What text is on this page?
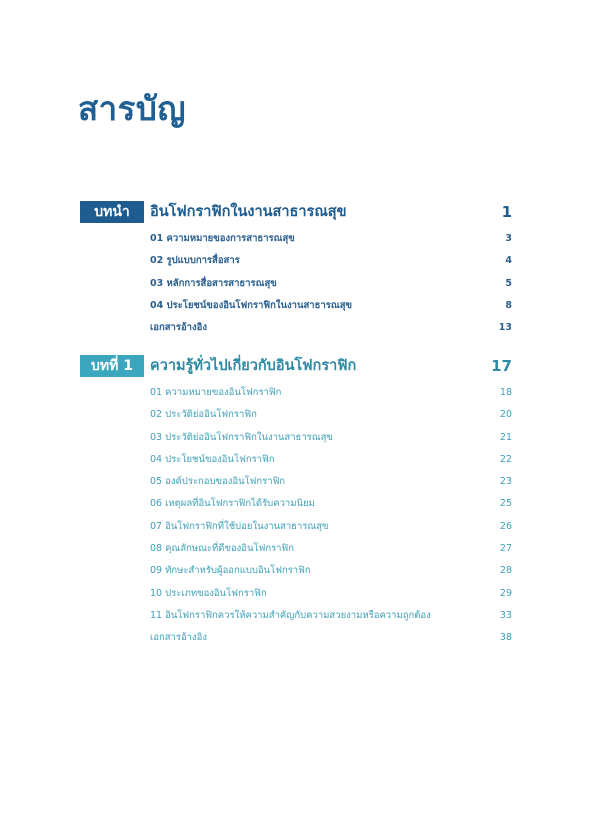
สารบัญ
บทนำ	อินโฟกราฟิกในงานสาธารณสุข	1
01 ความหมายของการสาธารณสุข	3
02 รูปแบบการสื่อสาร	4
03 หลักการสื่อสารสาธารณสุข	5
04 ประโยชน์ของอินโฟกราฟิกในงานสาธารณสุข	8
เอกสารอ้างอิง	13
บทที่ 1	ความรู้ทั่วไปเกี่ยวกับอินโฟกราฟิก	17
01 ความหมายของอินโฟกราฟิก	18
02 ประวัติย่ออินโฟกราฟิก	20
03 ประวัติย่ออินโฟกราฟิกในงานสาธารณสุข	21
04 ประโยชน์ของอินโฟกราฟิก	22
05 องค์ประกอบของอินโฟกราฟิก	23
06 เหตุผลที่อินโฟกราฟิกได้รับความนิยม	25
07 อินโฟกราฟิกที่ใช้บ่อยในงานสาธารณสุข	26
08 คุณลักษณะที่ดีของอินโฟกราฟิก	27
09 ทักษะสำหรับผู้ออกแบบอินโฟกราฟิก	28
10 ประเภทของอินโฟกราฟิก	29
11 อินโฟกราฟิกควรให้ความสำคัญกับความสวยงามหรือความถูกต้อง	33
เอกสารอ้างอิง	38
